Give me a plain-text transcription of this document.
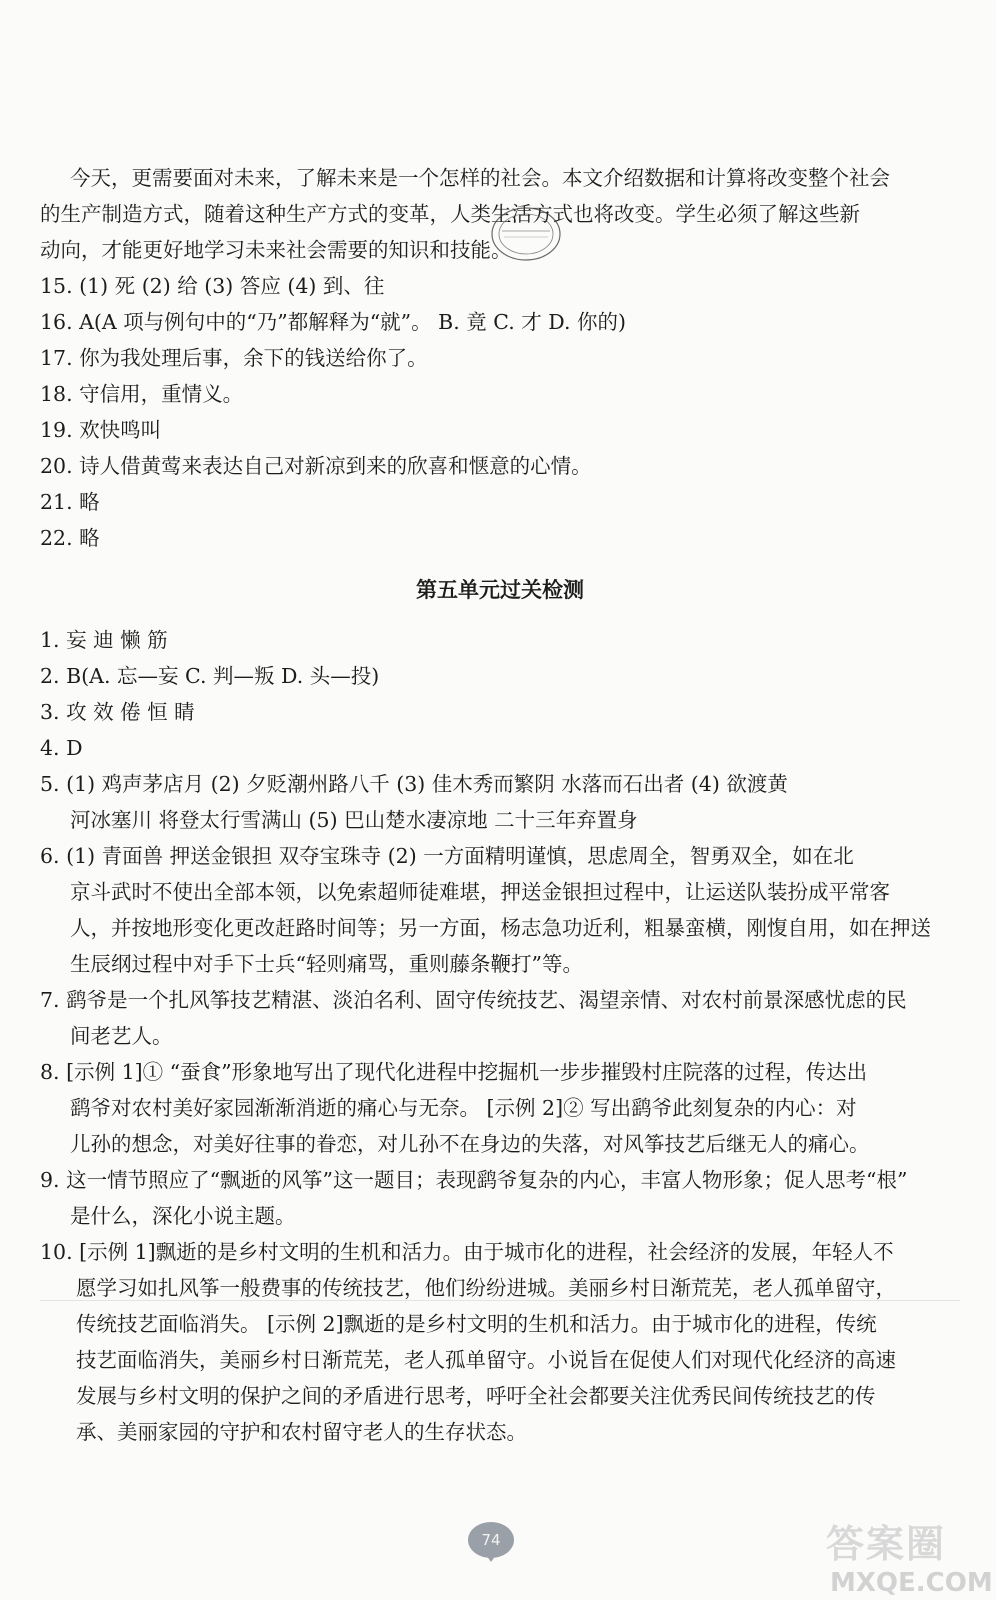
今天，更需要面对未来，了解未来是一个怎样的社会。本文介绍数据和计算将改变整个社会

的生产制造方式，随着这种生产方式的变革，人类生活方式也将改变。学生必须了解这些新

动向，才能更好地学习未来社会需要的知识和技能。

15. (1) 死 (2) 给 (3) 答应 (4) 到、往

16. A(A 项与例句中的“乃”都解释为“就”。 B. 竟 C. 才 D. 你的)

17. 你为我处理后事，余下的钱送给你了。

18. 守信用，重情义。

19. 欢快鸣叫

20. 诗人借黄莺来表达自己对新凉到来的欣喜和惬意的心情。

21. 略

22. 略

第五单元过关检测

1. 妄 迪 懒 筋

2. B(A. 忘—妄 C. 判—叛 D. 头—投)

3. 攻 效 倦 恒 睛

4. D

5. (1) 鸡声茅店月 (2) 夕贬潮州路八千 (3) 佳木秀而繁阴 水落而石出者 (4) 欲渡黄

河冰塞川 将登太行雪满山 (5) 巴山楚水凄凉地 二十三年弃置身

6. (1) 青面兽 押送金银担 双夺宝珠寺 (2) 一方面精明谨慎，思虑周全，智勇双全，如在北

京斗武时不使出全部本领，以免索超师徒难堪，押送金银担过程中，让运送队装扮成平常客

人，并按地形变化更改赶路时间等；另一方面，杨志急功近利，粗暴蛮横，刚愎自用，如在押送

生辰纲过程中对手下士兵“轻则痛骂，重则藤条鞭打”等。

7. 鹞爷是一个扎风筝技艺精湛、淡泊名利、固守传统技艺、渴望亲情、对农村前景深感忧虑的民

间老艺人。

8. [示例 1]① “蚕食”形象地写出了现代化进程中挖掘机一步步摧毁村庄院落的过程，传达出

鹞爷对农村美好家园渐渐消逝的痛心与无奈。 [示例 2]② 写出鹞爷此刻复杂的内心：对

儿孙的想念，对美好往事的眷恋，对儿孙不在身边的失落，对风筝技艺后继无人的痛心。

9. 这一情节照应了“飘逝的风筝”这一题目；表现鹞爷复杂的内心，丰富人物形象；促人思考“根”

是什么，深化小说主题。

10. [示例 1]飘逝的是乡村文明的生机和活力。由于城市化的进程，社会经济的发展，年轻人不

愿学习如扎风筝一般费事的传统技艺，他们纷纷进城。美丽乡村日渐荒芜，老人孤单留守，

传统技艺面临消失。 [示例 2]飘逝的是乡村文明的生机和活力。由于城市化的进程，传统

技艺面临消失，美丽乡村日渐荒芜，老人孤单留守。小说旨在促使人们对现代化经济的高速

发展与乡村文明的保护之间的矛盾进行思考，呼吁全社会都要关注优秀民间传统技艺的传

承、美丽家园的守护和农村留守老人的生存状态。

74	答案圈
MXQE.COM
